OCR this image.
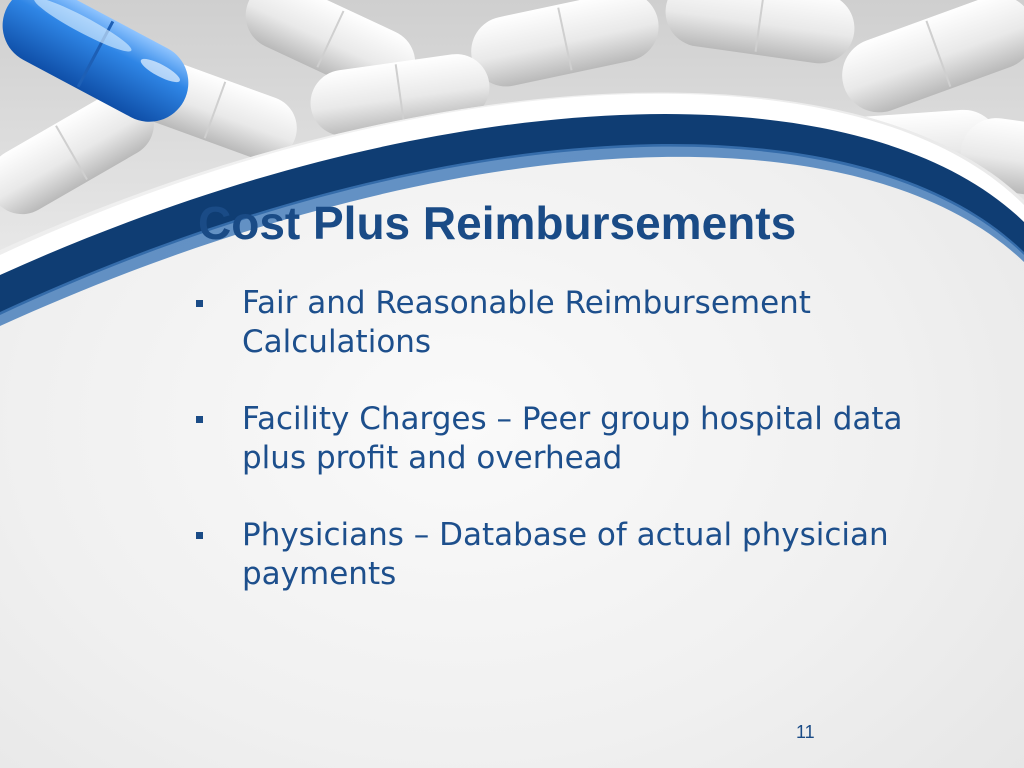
Cost Plus Reimbursements
Fair and Reasonable Reimbursement Calculations
Facility Charges – Peer group hospital data plus profit and overhead
Physicians – Database of actual physician payments
11
